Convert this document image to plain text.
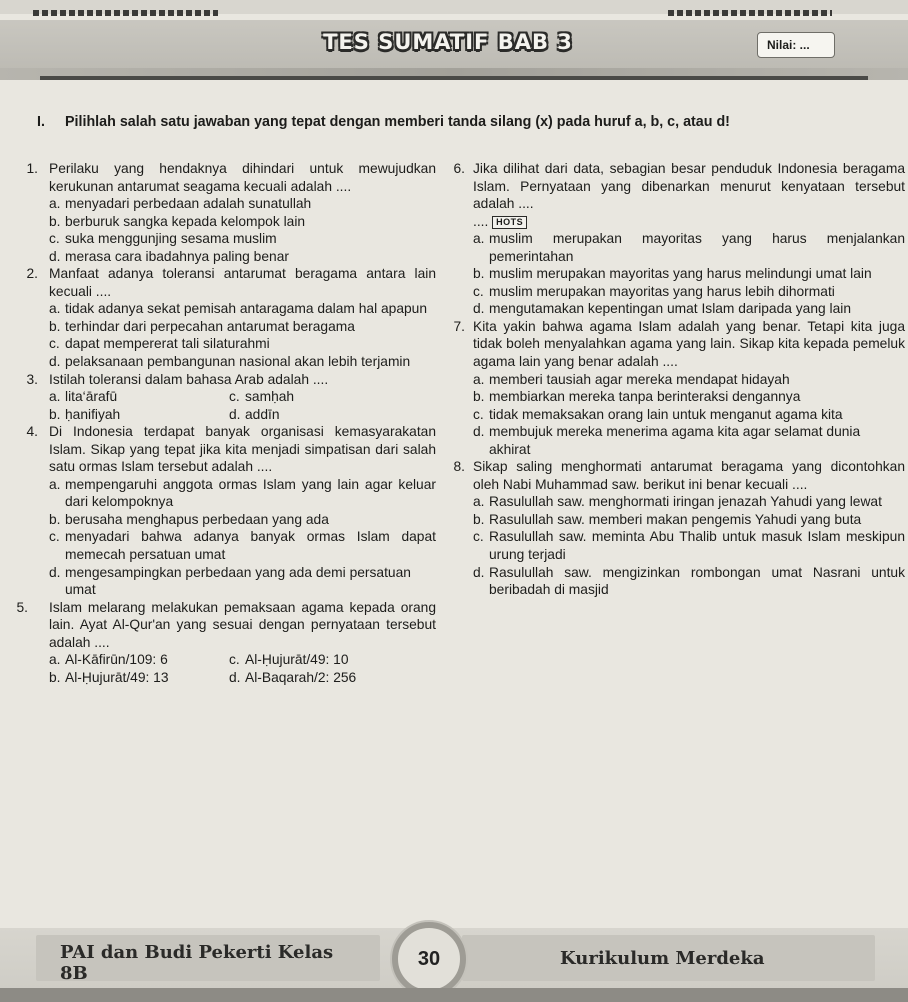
TES SUMATIF BAB 3	Nilai: ...
I. Pilihlah salah satu jawaban yang tepat dengan memberi tanda silang (x) pada huruf a, b, c, atau d!
1. Perilaku yang hendaknya dihindari untuk mewujudkan kerukunan antarumat seagama kecuali adalah ....
a. menyadari perbedaan adalah sunatullah
b. berburuk sangka kepada kelompok lain
c. suka menggunjing sesama muslim
d. merasa cara ibadahnya paling benar
2. Manfaat adanya toleransi antarumat beragama antara lain kecuali ....
a. tidak adanya sekat pemisah antaragama dalam hal apapun
b. terhindar dari perpecahan antarumat beragama
c. dapat mempererat tali silaturahmi
d. pelaksanaan pembangunan nasional akan lebih terjamin
3. Istilah toleransi dalam bahasa Arab adalah ....
a. lita‘ārafū	c. samḥah
b. ḥanifiyah	d. addīn
4. Di Indonesia terdapat banyak organisasi kemasyarakatan Islam. Sikap yang tepat jika kita menjadi simpatisan dari salah satu ormas Islam tersebut adalah ....
a. mempengaruhi anggota ormas Islam yang lain agar keluar dari kelompoknya
b. berusaha menghapus perbedaan yang ada
c. menyadari bahwa adanya banyak ormas Islam dapat memecah persatuan umat
d. mengesampingkan perbedaan yang ada demi persatuan umat
5.	Islam melarang melakukan pemaksaan agama kepada orang lain. Ayat Al-Qur'an yang sesuai dengan pernyataan tersebut adalah ....
a. Al-Kāfirūn/109: 6	c. Al-Ḥujurāt/49: 10
b. Al-Ḥujurāt/49: 13	d. Al-Baqarah/2: 256
6. Jika dilihat dari data, sebagian besar penduduk Indonesia beragama Islam. Pernyataan yang dibenarkan menurut kenyataan tersebut adalah ....
.... HOTS
a. muslim merupakan mayoritas yang harus menjalankan pemerintahan
b. muslim merupakan mayoritas yang harus melindungi umat lain
c. muslim merupakan mayoritas yang harus lebih dihormati
d. mengutamakan kepentingan umat Islam daripada yang lain
7. Kita yakin bahwa agama Islam adalah yang benar. Tetapi kita juga tidak boleh menyalahkan agama yang lain. Sikap kita kepada pemeluk agama lain yang benar adalah ....
a. memberi tausiah agar mereka mendapat hidayah
b. membiarkan mereka tanpa berinteraksi dengannya
c. tidak memaksakan orang lain untuk menganut agama kita
d. membujuk mereka menerima agama kita agar selamat dunia akhirat
8. Sikap saling menghormati antarumat beragama yang dicontohkan oleh Nabi Muhammad saw. berikut ini benar kecuali ....
a. Rasulullah saw. menghormati iringan jenazah Yahudi yang lewat
b. Rasulullah saw. memberi makan pengemis Yahudi yang buta
c. Rasulullah saw. meminta Abu Thalib untuk masuk Islam meskipun urung terjadi
d. Rasulullah saw. mengizinkan rombongan umat Nasrani untuk beribadah di masjid
PAI dan Budi Pekerti Kelas 8B
30	Kurikulum Merdeka
